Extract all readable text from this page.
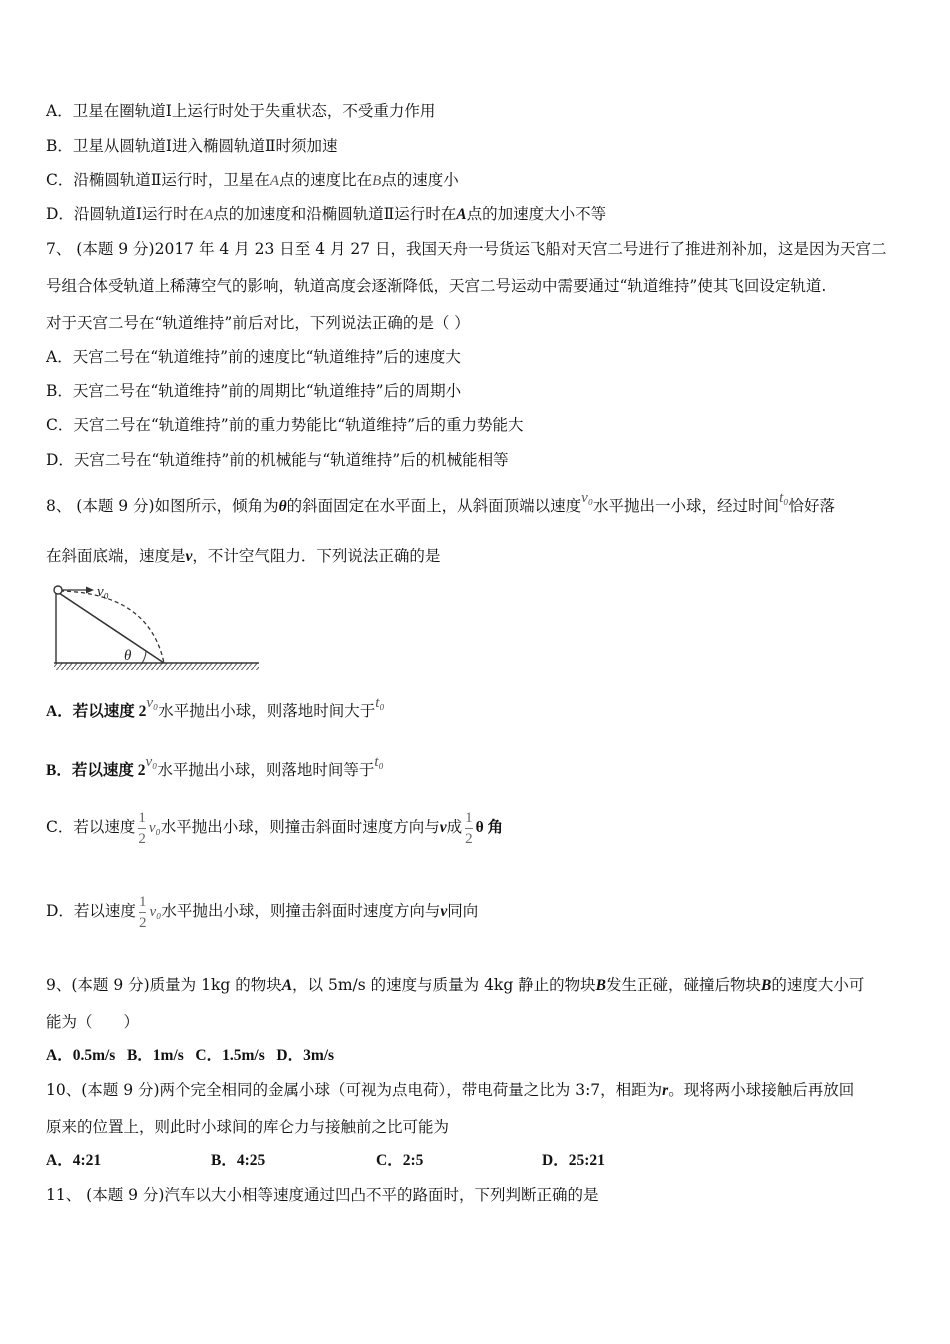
A．卫星在圈轨道Ⅰ上运行时处于失重状态，不受重力作用
B．卫星从圆轨道Ⅰ进入椭圆轨道Ⅱ时须加速
C．沿椭圆轨道Ⅱ运行时，卫星在A点的速度比在B点的速度小
D．沿圆轨道Ⅰ运行时在A点的加速度和沿椭圆轨道Ⅱ运行时在A点的加速度大小不等
7、 (本题 9 分)2017 年 4 月 23 日至 4 月 27 日，我国天舟一号货运飞船对天宫二号进行了推进剂补加，这是因为天宫二
号组合体受轨道上稀薄空气的影响，轨道高度会逐渐降低，天宫二号运动中需要通过“轨道维持”使其飞回设定轨道.
对于天宫二号在“轨道维持”前后对比，下列说法正确的是（ ）
A．天宫二号在“轨道维持”前的速度比“轨道维持”后的速度大
B．天宫二号在“轨道维持”前的周期比“轨道维持”后的周期小
C．天宫二号在“轨道维持”前的重力势能比“轨道维持”后的重力势能大
D．天宫二号在“轨道维持”前的机械能与“轨道维持”后的机械能相等
8、 (本题 9 分)如图所示，倾角为θ的斜面固定在水平面上，从斜面顶端以速度v₀水平抛出一小球，经过时间t₀恰好落
在斜面底端，速度是v，不计空气阻力．下列说法正确的是
v₀
θ
A．若以速度 2v₀水平抛出小球，则落地时间大于t₀
B．若以速度 2v₀水平抛出小球，则落地时间等于t₀
C．若以速度 $\frac{1}{2} v_0$水平抛出小球，则撞击斜面时速度方向与v成 $\frac{1}{2}$ θ 角
D．若以速度 $\frac{1}{2} v_0$水平抛出小球，则撞击斜面时速度方向与v同向
9、(本题 9 分)质量为 1kg 的物块A，以 5m/s 的速度与质量为 4kg 静止的物块B发生正碰，碰撞后物块B的速度大小可
能为（　　）
A．0.5m/s B．1m/s C．1.5m/s D．3m/s
10、(本题 9 分)两个完全相同的金属小球（可视为点电荷），带电荷量之比为 3:7，相距为r。现将两小球接触后再放回
原来的位置上，则此时小球间的库仑力与接触前之比可能为
A．4:21	B．4:25	C．2:5	D．25:21
11、 (本题 9 分)汽车以大小相等速度通过凹凸不平的路面时，下列判断正确的是
